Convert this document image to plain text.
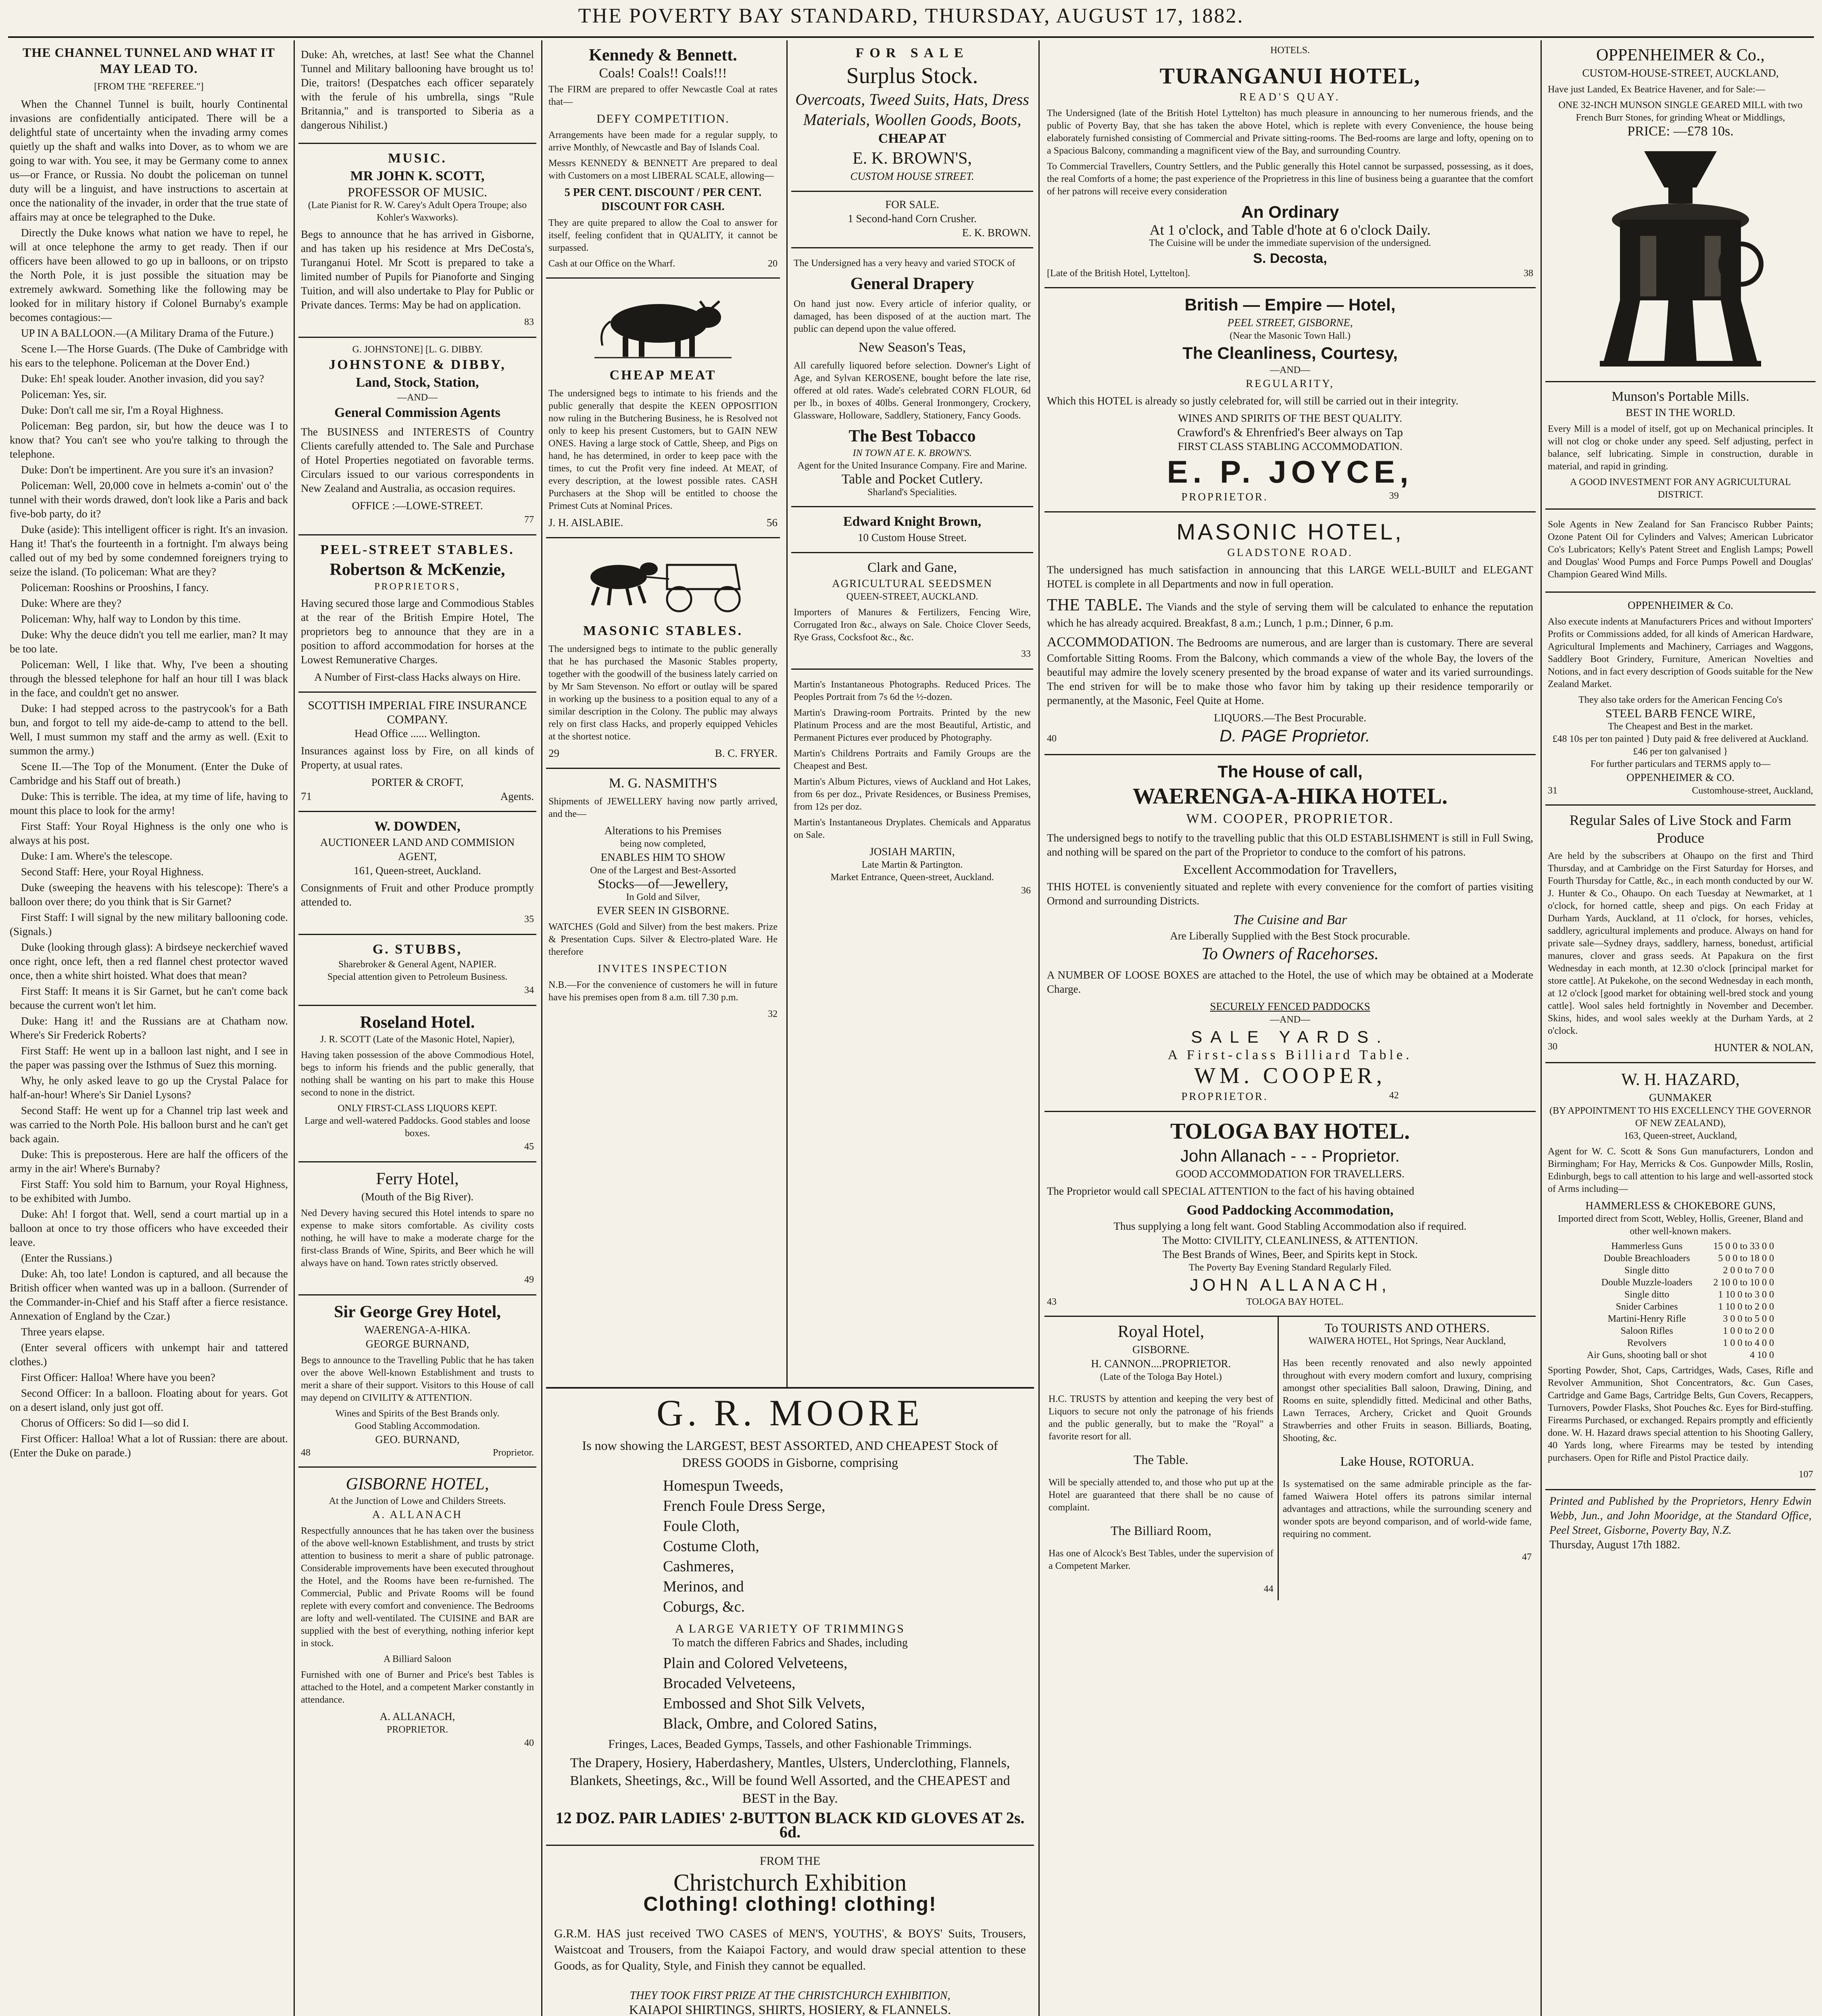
THE POVERTY BAY STANDARD, THURSDAY, AUGUST 17, 1882.
THE CHANNEL TUNNEL AND WHAT IT MAY LEAD TO.
[FROM THE "REFEREE."]

When the Channel Tunnel is built, hourly Continental invasions are confidentially anticipated. There will be a delightful state of uncertainty when the invading army comes quietly up the shaft and walks into Dover, as to whom we are going to war with. You see, it may be Germany come to annex us—or France, or Russia. No doubt the policeman on tunnel duty will be a linguist, and have instructions to ascertain at once the nationality of the invader, in order that the true state of affairs may at once be telegraphed to the Duke.

Directly the Duke knows what nation we have to repel, he will at once telephone the army to get ready. Then if our officers have been allowed to go up in balloons, or on tripsto the North Pole, it is just possible the situation may be extremely awkward. Something like the following may be looked for in military history if Colonel Burnaby's example becomes contagious:—

UP IN A BALLOON.—(A Military Drama of the Future.)

Scene I.—The Horse Guards. (The Duke of Cambridge with his ears to the telephone. Policeman at the Dover End.)

Duke: Eh! speak louder. Another invasion, did you say?

Policeman: Yes, sir.

Duke: Don't call me sir, I'm a Royal Highness.

Policeman: Beg pardon, sir, but how the deuce was I to know that? You can't see who you're talking to through the telephone.

Duke: Don't be impertinent. Are you sure it's an invasion?

Policeman: Well, 20,000 cove in helmets a-comin' out o' the tunnel with their words drawed, don't look like a Paris and back five-bob party, do it?

Duke (aside): This intelligent officer is right. It's an invasion. Hang it! That's the fourteenth in a fortnight. I'm always being called out of my bed by some condemned foreigners trying to seize the island. (To policeman: What are they?

Policeman: Rooshins or Prooshins, I fancy.

Duke: Where are they?

Policeman: Why, half way to London by this time.

Duke: Why the deuce didn't you tell me earlier, man? It may be too late.

Policeman: Well, I like that. Why, I've been a shouting through the blessed telephone for half an hour till I was black in the face, and couldn't get no answer.

Duke: I had stepped across to the pastrycook's for a Bath bun, and forgot to tell my aide-de-camp to attend to the bell. Well, I must summon my staff and the army as well. (Exit to summon the army.)

Scene II.—The Top of the Monument. (Enter the Duke of Cambridge and his Staff out of breath.)

Duke: This is terrible. The idea, at my time of life, having to mount this place to look for the army!

First Staff: Your Royal Highness is the only one who is always at his post.

Duke: I am. Where's the telescope.

Second Staff: Here, your Royal Highness.

Duke (sweeping the heavens with his telescope): There's a balloon over there; do you think that is Sir Garnet?

First Staff: I will signal by the new military ballooning code. (Signals.)

Duke (looking through glass): A birdseye neckerchief waved once right, once left, then a red flannel chest protector waved once, then a white shirt hoisted. What does that mean?

First Staff: It means it is Sir Garnet, but he can't come back because the current won't let him.

Duke: Hang it! and the Russians are at Chatham now. Where's Sir Frederick Roberts?

First Staff: He went up in a balloon last night, and I see in the paper was passing over the Isthmus of Suez this morning.

Why, he only asked leave to go up the Crystal Palace for half-an-hour! Where's Sir Daniel Lysons?

Second Staff: He went up for a Channel trip last week and was carried to the North Pole. His balloon burst and he can't get back again.

Duke: This is preposterous. Here are half the officers of the army in the air! Where's Burnaby?

First Staff: You sold him to Barnum, your Royal Highness, to be exhibited with Jumbo.

Duke: Ah! I forgot that. Well, send a court martial up in a balloon at once to try those officers who have exceeded their leave.

(Enter the Russians.)

Duke: Ah, too late! London is captured, and all because the British officer when wanted was up in a balloon. (Surrender of the Commander-in-Chief and his Staff after a fierce resistance. Annexation of England by the Czar.)

Three years elapse.

(Enter several officers with unkempt hair and tattered clothes.)

First Officer: Halloa! Where have you been?

Second Officer: In a balloon. Floating about for years. Got on a desert island, only just got off.

Chorus of Officers: So did I—so did I.

First Officer: Halloa! What a lot of Russian: there are about. (Enter the Duke on parade.)

Duke: Ah, wretches, at last! See what the Channel Tunnel and Military ballooning have brought us to! Die, traitors! (Despatches each officer separately with the ferule of his umbrella, sings "Rule Britannia," and is transported to Siberia as a dangerous Nihilist.)

MUSIC.
MR JOHN K. SCOTT,
PROFESSOR OF MUSIC.
(Late Pianist for R. W. Carey's Adult Opera Troupe; also Kohler's Waxworks).

Begs to announce that he has arrived in Gisborne, and has taken up his residence at Mrs DeCosta's, Turanganui Hotel. Mr Scott is prepared to take a limited number of Pupils for Pianoforte and Singing Tuition, and will also undertake to Play for Public or Private dances. Terms: May be had on application.

83
G. JOHNSTONE] [L. G. DIBBY.
JOHNSTONE & DIBBY,
Land, Stock, Station,
—AND—
General Commission Agents

The BUSINESS and INTERESTS of Country Clients carefully attended to. The Sale and Purchase of Hotel Properties negotiated on favorable terms. Circulars issued to our various correspondents in New Zealand and Australia, as occasion requires.

OFFICE :—LOWE-STREET.
77
PEEL-STREET STABLES.
Robertson & McKenzie,
PROPRIETORS,

Having secured those large and Commodious Stables at the rear of the British Empire Hotel, The proprietors beg to announce that they are in a position to afford accommodation for horses at the Lowest Remunerative Charges.

A Number of First-class Hacks always on Hire.
SCOTTISH IMPERIAL FIRE INSURANCE COMPANY.
Head Office ...... Wellington.

Insurances against loss by Fire, on all kinds of Property, at usual rates.

PORTER & CROFT,
71	Agents.
W. DOWDEN,
AUCTIONEER LAND AND COMMISION AGENT,
161, Queen-street, Auckland.

Consignments of Fruit and other Produce promptly attended to.

35
G. STUBBS,
Sharebroker & General Agent, NAPIER.
Special attention given to Petroleum Business.
34
Roseland Hotel.
J. R. SCOTT (Late of the Masonic Hotel, Napier),

Having taken possession of the above Commodious Hotel, begs to inform his friends and the public generally, that nothing shall be wanting on his part to make this House second to none in the district.

ONLY FIRST-CLASS LIQUORS KEPT.
Large and well-watered Paddocks. Good stables and loose boxes.
45
Ferry Hotel,
(Mouth of the Big River).

Ned Devery having secured this Hotel intends to spare no expense to make sitors comfortable. As civility costs nothing, he will have to make a moderate charge for the first-class Brands of Wine, Spirits, and Beer which he will always have on hand. Town rates strictly observed.

49
Sir George Grey Hotel,
WAERENGA-A-HIKA.
GEORGE BURNAND,

Begs to announce to the Travelling Public that he has taken over the above Well-known Establishment and trusts to merit a share of their support. Visitors to this House of call may depend on CIVILITY & ATTENTION.

Wines and Spirits of the Best Brands only.
Good Stabling Accommodation.
GEO. BURNAND,
48	Proprietor.
GISBORNE HOTEL,
At the Junction of Lowe and Childers Streets.
A. ALLANACH

Respectfully announces that he has taken over the business of the above well-known Establishment, and trusts by strict attention to business to merit a share of public patronage. Considerable improvements have been executed throughout the Hotel, and the Rooms have been re-furnished. The Commercial, Public and Private Rooms will be found replete with every comfort and convenience. The Bedrooms are lofty and well-ventilated. The CUISINE and BAR are supplied with the best of everything, nothing inferior kept in stock.

A Billiard Saloon

Furnished with one of Burner and Price's best Tables is attached to the Hotel, and a competent Marker constantly in attendance.

A. ALLANACH,
PROPRIETOR.
40
Kennedy & Bennett.
Coals! Coals!! Coals!!!

The FIRM are prepared to offer Newcastle Coal at rates that—

DEFY COMPETITION.

Arrangements have been made for a regular supply, to arrive Monthly, of Newcastle and Bay of Islands Coal.

Messrs KENNEDY & BENNETT Are prepared to deal with Customers on a most LIBERAL SCALE, allowing—

5 PER CENT. DISCOUNT / PER CENT. DISCOUNT FOR CASH.

They are quite prepared to allow the Coal to answer for itself, feeling confident that in QUALITY, it cannot be surpassed.

Cash at our Office on the Wharf.	20
CHEAP MEAT

The undersigned begs to intimate to his friends and the public generally that despite the KEEN OPPOSITION now ruling in the Butchering Business, he is Resolved not only to keep his present Customers, but to GAIN NEW ONES. Having a large stock of Cattle, Sheep, and Pigs on hand, he has determined, in order to keep pace with the times, to cut the Profit very fine indeed. At MEAT, of every description, at the lowest possible rates. CASH Purchasers at the Shop will be entitled to choose the Primest Cuts at Nominal Prices.

J. H. AISLABIE.	56
MASONIC STABLES.

The undersigned begs to intimate to the public generally that he has purchased the Masonic Stables property, together with the goodwill of the business lately carried on by Mr Sam Stevenson. No effort or outlay will be spared in working up the business to a position equal to any of a similar description in the Colony. The public may always rely on first class Hacks, and properly equipped Vehicles at the shortest notice.

29	B. C. FRYER.
M. G. NASMITH'S

Shipments of JEWELLERY having now partly arrived, and the—

Alterations to his Premises
being now completed,
ENABLES HIM TO SHOW
One of the Largest and Best-Assorted
Stocks—of—Jewellery,
In Gold and Silver,
EVER SEEN IN GISBORNE.

WATCHES (Gold and Silver) from the best makers. Prize & Presentation Cups. Silver & Electro-plated Ware. He therefore

INVITES INSPECTION

N.B.—For the convenience of customers he will in future have his premises open from 8 a.m. till 7.30 p.m.

32
FOR SALE
Surplus Stock.
Overcoats, Tweed Suits, Hats, Dress Materials, Woollen Goods, Boots,
CHEAP AT
E. K. BROWN'S,
CUSTOM HOUSE STREET.
FOR SALE.
1 Second-hand Corn Crusher.
E. K. BROWN.

The Undersigned has a very heavy and varied STOCK of

General Drapery

On hand just now. Every article of inferior quality, or damaged, has been disposed of at the auction mart. The public can depend upon the value offered.

New Season's Teas,

All carefully liquored before selection. Downer's Light of Age, and Sylvan KEROSENE, bought before the late rise, offered at old rates. Wade's celebrated CORN FLOUR, 6d per lb., in boxes of 40lbs. General Ironmongery, Crockery, Glassware, Holloware, Saddlery, Stationery, Fancy Goods.

The Best Tobacco
IN TOWN AT E. K. BROWN'S.
Agent for the United Insurance Company. Fire and Marine.
Table and Pocket Cutlery.
Sharland's Specialities.
Edward Knight Brown,
10 Custom House Street.
Clark and Gane,
AGRICULTURAL SEEDSMEN
QUEEN-STREET, AUCKLAND.

Importers of Manures & Fertilizers, Fencing Wire, Corrugated Iron &c., always on Sale. Choice Clover Seeds, Rye Grass, Cocksfoot &c., &c.

33

Martin's Instantaneous Photographs. Reduced Prices. The Peoples Portrait from 7s 6d the ½-dozen.

Martin's Drawing-room Portraits. Printed by the new Platinum Process and are the most Beautiful, Artistic, and Permanent Pictures ever produced by Photography.

Martin's Childrens Portraits and Family Groups are the Cheapest and Best.

Martin's Album Pictures, views of Auckland and Hot Lakes, from 6s per doz., Private Residences, or Business Premises, from 12s per doz.

Martin's Instantaneous Dryplates. Chemicals and Apparatus on Sale.

JOSIAH MARTIN,
Late Martin & Partington.
Market Entrance, Queen-street, Auckland.
36
G. R. MOORE
Is now showing the LARGEST, BEST ASSORTED, AND CHEAPEST Stock of DRESS GOODS in Gisborne, comprising
Homespun Tweeds,
French Foule Dress Serge,
Foule Cloth,
Costume Cloth,
Cashmeres,
Merinos, and
Coburgs, &c.
A LARGE VARIETY OF TRIMMINGS
To match the differen Fabrics and Shades, including
Plain and Colored Velveteens,
Brocaded Velveteens,
Embossed and Shot Silk Velvets,
Black, Ombre, and Colored Satins,
Fringes, Laces, Beaded Gymps, Tassels, and other Fashionable Trimmings.
The Drapery, Hosiery, Haberdashery, Mantles, Ulsters, Underclothing, Flannels, Blankets, Sheetings, &c., Will be found Well Assorted, and the CHEAPEST and BEST in the Bay.
12 DOZ. PAIR LADIES' 2-BUTTON BLACK KID GLOVES AT 2s. 6d.
FROM THE
Christchurch Exhibition
Clothing! clothing! clothing!

G.R.M. HAS just received TWO CASES of MEN'S, YOUTHS', & BOYS' Suits, Trousers, Waistcoat and Trousers, from the Kaiapoi Factory, and would draw special attention to these Goods, as for Quality, Style, and Finish they cannot be equalled.

THEY TOOK FIRST PRIZE AT THE CHRISTCHURCH EXHIBITION,
KAIAPOI SHIRTINGS, SHIRTS, HOSIERY, & FLANNELS.
HOTELS.
TURANGANUI HOTEL,
READ'S QUAY.

The Undersigned (late of the British Hotel Lyttelton) has much pleasure in announcing to her numerous friends, and the public of Poverty Bay, that she has taken the above Hotel, which is replete with every Convenience, the house being elaborately furnished consisting of Commercial and Private sitting-rooms. The Bed-rooms are large and lofty, opening on to a Spacious Balcony, commanding a magnificent view of the Bay, and surrounding Country.

To Commercial Travellers, Country Settlers, and the Public generally this Hotel cannot be surpassed, possessing, as it does, the real Comforts of a home; the past experience of the Proprietress in this line of business being a guarantee that the comfort of her patrons will receive every consideration

An Ordinary
At 1 o'clock, and Table d'hote at 6 o'clock Daily.
The Cuisine will be under the immediate supervision of the undersigned.
S. Decosta,
[Late of the British Hotel, Lyttelton].	38
British — Empire — Hotel,
PEEL STREET, GISBORNE,
(Near the Masonic Town Hall.)
The Cleanliness, Courtesy,
—AND—
REGULARITY,

Which this HOTEL is already so justly celebrated for, will still be carried out in their integrity.

WINES AND SPIRITS OF THE BEST QUALITY.
Crawford's & Ehrenfried's Beer always on Tap
FIRST CLASS STABLING ACCOMMODATION.
E. P. JOYCE,
PROPRIETOR.	39
MASONIC HOTEL,
GLADSTONE ROAD.

The undersigned has much satisfaction in announcing that this LARGE WELL-BUILT and ELEGANT HOTEL is complete in all Departments and now in full operation.

THE TABLE. The Viands and the style of serving them will be calculated to enhance the reputation which he has already acquired. Breakfast, 8 a.m.; Lunch, 1 p.m.; Dinner, 6 p.m.

ACCOMMODATION. The Bedrooms are numerous, and are larger than is customary. There are several Comfortable Sitting Rooms. From the Balcony, which commands a view of the whole Bay, the lovers of the beautiful may admire the lovely scenery presented by the broad expanse of water and its varied surroundings. The end striven for will be to make those who favor him by taking up their residence temporarily or permanently, at the Masonic, Feel Quite at Home.

LIQUORS.—The Best Procurable.
40	D. PAGE Proprietor.
The House of call,
WAERENGA-A-HIKA HOTEL.
WM. COOPER, PROPRIETOR.

The undersigned begs to notify to the travelling public that this OLD ESTABLISHMENT is still in Full Swing, and nothing will be spared on the part of the Proprietor to conduce to the comfort of his patrons.

Excellent Accommodation for Travellers,

THIS HOTEL is conveniently situated and replete with every convenience for the comfort of parties visiting Ormond and surrounding Districts.

The Cuisine and Bar
Are Liberally Supplied with the Best Stock procurable.
To Owners of Racehorses.

A NUMBER OF LOOSE BOXES are attached to the Hotel, the use of which may be obtained at a Moderate Charge.

SECURELY FENCED PADDOCKS
—AND—
SALE YARDS.
A First-class Billiard Table.
WM. COOPER,
PROPRIETOR.	42
TOLOGA BAY HOTEL.
John Allanach - - - Proprietor.
GOOD ACCOMMODATION FOR TRAVELLERS.

The Proprietor would call SPECIAL ATTENTION to the fact of his having obtained

Good Paddocking Accommodation,
Thus supplying a long felt want. Good Stabling Accommodation also if required.
The Motto: CIVILITY, CLEANLINESS, & ATTENTION.
The Best Brands of Wines, Beer, and Spirits kept in Stock.
The Poverty Bay Evening Standard Regularly Filed.
JOHN ALLANACH,
43	TOLOGA BAY HOTEL.
Royal Hotel,
GISBORNE.
H. CANNON....PROPRIETOR.
(Late of the Tologa Bay Hotel.)

H.C. TRUSTS by attention and keeping the very best of Liquors to secure not only the patronage of his friends and the public generally, but to make the "Royal" a favorite resort for all.

The Table.

Will be specially attended to, and those who put up at the Hotel are guaranteed that there shall be no cause of complaint.

The Billiard Room,

Has one of Alcock's Best Tables, under the supervision of a Competent Marker.

44
To TOURISTS AND OTHERS.
WAIWERA HOTEL, Hot Springs, Near Auckland,

Has been recently renovated and also newly appointed throughout with every modern comfort and luxury, comprising amongst other specialities Ball saloon, Drawing, Dining, and Rooms en suite, splendidly fitted. Medicinal and other Baths, Lawn Terraces, Archery, Cricket and Quoit Grounds Strawberries and other Fruits in season. Billiards, Boating, Shooting, &c.

Lake House, ROTORUA.

Is systematised on the same admirable principle as the far-famed Waiwera Hotel offers its patrons similar internal advantages and attractions, while the surrounding scenery and wonder spots are beyond comparison, and of world-wide fame, requiring no comment.

47
OPPENHEIMER & Co.,
CUSTOM-HOUSE-STREET, AUCKLAND,

Have just Landed, Ex Beatrice Havener, and for Sale:—

ONE 32-INCH MUNSON SINGLE GEARED MILL with two French Burr Stones, for grinding Wheat or Middlings,
PRICE: —£78 10s.
Munson's Portable Mills.
BEST IN THE WORLD.

Every Mill is a model of itself, got up on Mechanical principles. It will not clog or choke under any speed. Self adjusting, perfect in balance, self lubricating. Simple in construction, durable in material, and rapid in grinding.

A GOOD INVESTMENT FOR ANY AGRICULTURAL DISTRICT.

Sole Agents in New Zealand for San Francisco Rubber Paints; Ozone Patent Oil for Cylinders and Valves; American Lubricator Co's Lubricators; Kelly's Patent Street and English Lamps; Powell and Douglas' Wood Pumps and Force Pumps Powell and Douglas' Champion Geared Wind Mills.

OPPENHEIMER & Co.

Also execute indents at Manufacturers Prices and without Importers' Profits or Commissions added, for all kinds of American Hardware, Agricultural Implements and Machinery, Carriages and Waggons, Saddlery Boot Grindery, Furniture, American Novelties and Notions, and in fact every description of Goods suitable for the New Zealand Market.

They also take orders for the American Fencing Co's
STEEL BARB FENCE WIRE,
The Cheapest and Best in the market.
£48 10s per ton painted } Duty paid & free delivered at Auckland. £46 per ton galvanised }
For further particulars and TERMS apply to—
OPPENHEIMER & CO.
31	Customhouse-street, Auckland,
Regular Sales of Live Stock and Farm Produce

Are held by the subscribers at Ohaupo on the first and Third Thursday, and at Cambridge on the First Saturday for Horses, and Fourth Thursday for Cattle, &c., in each month conducted by our W. J. Hunter & Co., Ohaupo. On each Tuesday at Newmarket, at 1 o'clock, for horned cattle, sheep and pigs. On each Friday at Durham Yards, Auckland, at 11 o'clock, for horses, vehicles, saddlery, agricultural implements and produce. Always on hand for private sale—Sydney drays, saddlery, harness, bonedust, artificial manures, clover and grass seeds. At Papakura on the first Wednesday in each month, at 12.30 o'clock [principal market for store cattle]. At Pukekohe, on the second Wednesday in each month, at 12 o'clock [good market for obtaining well-bred stock and young cattle]. Wool sales held fortnightly in November and December. Skins, hides, and wool sales weekly at the Durham Yards, at 2 o'clock.

30	HUNTER & NOLAN,
W. H. HAZARD,
GUNMAKER
(BY APPOINTMENT TO HIS EXCELLENCY THE GOVERNOR OF NEW ZEALAND),
163, Queen-street, Auckland,

Agent for W. C. Scott & Sons Gun manufacturers, London and Birmingham; For Hay, Merricks & Cos. Gunpowder Mills, Roslin, Edinburgh, begs to call attention to his large and well-assorted stock of Arms including—

HAMMERLESS & CHOKEBORE GUNS,
Imported direct from Scott, Webley, Hollis, Greener, Bland and other well-known makers.
Hammerless Guns	15 0 0 to 33 0 0
Double Breachloaders	5 0 0 to 18 0 0
Single ditto	2 0 0 to 7 0 0
Double Muzzle-loaders	2 10 0 to 10 0 0
Single ditto	1 10 0 to 3 0 0
Snider Carbines	1 10 0 to 2 0 0
Martini-Henry Rifle	3 0 0 to 5 0 0
Saloon Rifles	1 0 0 to 2 0 0
Revolvers	1 0 0 to 4 0 0
Air Guns, shooting ball or shot	4 10 0

Sporting Powder, Shot, Caps, Cartridges, Wads, Cases, Rifle and Revolver Ammunition, Shot Concentrators, &c. Gun Cases, Cartridge and Game Bags, Cartridge Belts, Gun Covers, Recappers, Turnovers, Powder Flasks, Shot Pouches &c. Eyes for Bird-stuffing. Firearms Purchased, or exchanged. Repairs promptly and efficiently done. W. H. Hazard draws special attention to his Shooting Gallery, 40 Yards long, where Firearms may be tested by intending purchasers. Open for Rifle and Pistol Practice daily.

107

Printed and Published by the Proprietors, Henry Edwin Webb, Jun., and John Mooridge, at the Standard Office, Peel Street, Gisborne, Poverty Bay, N.Z.

Thursday, August 17th 1882.
